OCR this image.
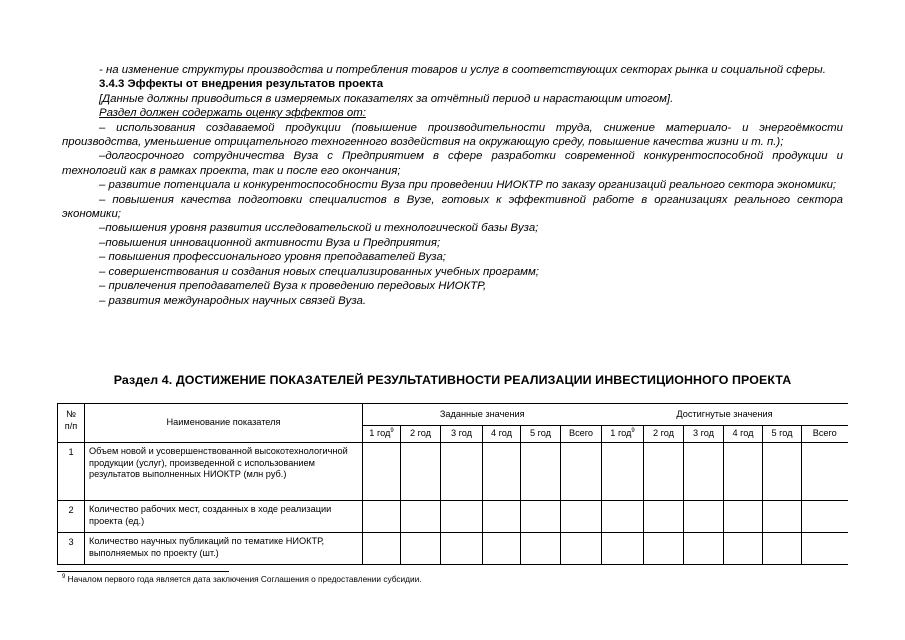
- на изменение структуры производства и потребления товаров и услуг в соответствующих секторах рынка и социальной сферы.

3.4.3 Эффекты от внедрения результатов проекта

[Данные должны приводиться в измеряемых показателях за отчётный период и нарастающим итогом].

Раздел должен содержать оценку эффектов от:

– использования создаваемой продукции (повышение производительности труда, снижение материало- и энергоёмкости производства, уменьшение отрицательного техногенного воздействия на окружающую среду, повышение качества жизни и т. п.);

–долгосрочного сотрудничества Вуза с Предприятием в сфере разработки современной конкурентоспособной продукции и технологий как в рамках проекта, так и после его окончания;

– развитие потенциала и конкурентоспособности Вуза при проведении НИОКТР по заказу организаций реального сектора экономики;

– повышения качества подготовки специалистов в Вузе, готовых к эффективной работе в организациях реального сектора экономики;

–повышения уровня развития исследовательской и технологической базы Вуза;

–повышения инновационной активности Вуза и Предприятия;

– повышения профессионального уровня преподавателей Вуза;

– совершенствования и создания новых специализированных учебных программ;

– привлечения преподавателей Вуза к проведению передовых НИОКТР,

– развития международных научных связей Вуза.

Раздел 4. ДОСТИЖЕНИЕ ПОКАЗАТЕЛЕЙ РЕЗУЛЬТАТИВНОСТИ РЕАЛИЗАЦИИ ИНВЕСТИЦИОННОГО ПРОЕКТА
№
п/п	Наименование показателя	Заданные значения						Достигнутые значения					
		1 год$^9$	2 год	3 год	4 год	5 год	Всего	1 год$^9$	2 год	3 год	4 год	5 год	Всего
1	Объем новой и усовершенствованной высокотехнологичной продукции (услуг), произведенной с использованием результатов выполненных НИОКТР (млн руб.)												
2	Количество рабочих мест, созданных в ходе реализации проекта (ед.)												
3	Количество научных публикаций по тематике НИОКТР, выполняемых по проекту (шт.)												
$^9$ Началом первого года является дата заключения Соглашения о предоставлении субсидии.
